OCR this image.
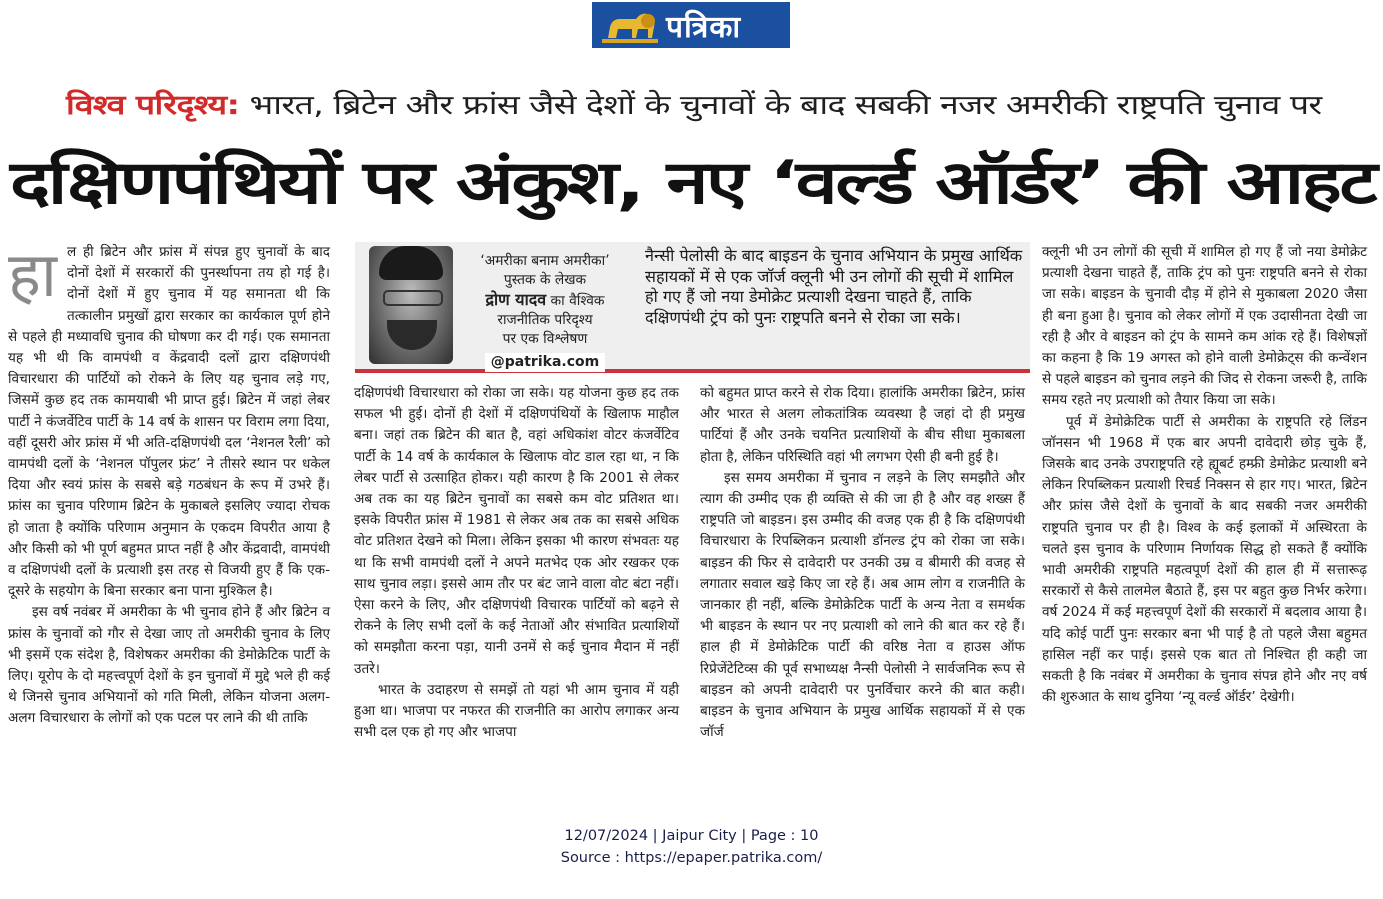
पत्रिका
विश्व परिदृश्य: भारत, ब्रिटेन और फ्रांस जैसे देशों के चुनावों के बाद सबकी नजर अमरीकी राष्ट्रपति चुनाव पर
दक्षिणपंथियों पर अंकुश, नए ‘वर्ल्ड ऑर्डर’ की आहट
हा ल ही ब्रिटेन और फ्रांस में संपन्न हुए चुनावों के बाद दोनों देशों में सरकारों की पुनर्स्थापना तय हो गई है। दोनों देशों में हुए चुनाव में यह समानता थी कि तत्कालीन प्रमुखों द्वारा सरकार का कार्यकाल पूर्ण होने से पहले ही मध्यावधि चुनाव की घोषणा कर दी गई। एक समानता यह भी थी कि वामपंथी व केंद्रवादी दलों द्वारा दक्षिणपंथी विचारधारा की पार्टियों को रोकने के लिए यह चुनाव लड़े गए, जिसमें कुछ हद तक कामयाबी भी प्राप्त हुई। ब्रिटेन में जहां लेबर पार्टी ने कंजर्वेटिव पार्टी के 14 वर्ष के शासन पर विराम लगा दिया, वहीं दूसरी ओर फ्रांस में भी अति-दक्षिणपंथी दल ‘नेशनल रैली’ को वामपंथी दलों के ‘नेशनल पॉपुलर फ्रंट’ ने तीसरे स्थान पर धकेल दिया और स्वयं फ्रांस के सबसे बड़े गठबंधन के रूप में उभरे हैं। फ्रांस का चुनाव परिणाम ब्रिटेन के मुकाबले इसलिए ज्यादा रोचक हो जाता है क्योंकि परिणाम अनुमान के एकदम विपरीत आया है और किसी को भी पूर्ण बहुमत प्राप्त नहीं है और केंद्रवादी, वामपंथी व दक्षिणपंथी दलों के प्रत्याशी इस तरह से विजयी हुए हैं कि एक-दूसरे के सहयोग के बिना सरकार बना पाना मुश्किल है।

इस वर्ष नवंबर में अमरीका के भी चुनाव होने हैं और ब्रिटेन व फ्रांस के चुनावों को गौर से देखा जाए तो अमरीकी चुनाव के लिए भी इसमें एक संदेश है, विशेषकर अमरीका की डेमोक्रेटिक पार्टी के लिए। यूरोप के दो महत्त्वपूर्ण देशों के इन चुनावों में मुद्दे भले ही कई थे जिनसे चुनाव अभियानों को गति मिली, लेकिन योजना अलग-अलग विचारधारा के लोगों को एक पटल पर लाने की थी ताकि

‘अमरीका बनाम अमरीका’
पुस्तक के लेखक
द्रोण यादव का वैश्विक
राजनीतिक परिदृश्य
पर एक विश्लेषण
@patrika.com
नैन्सी पेलोसी के बाद बाइडन के चुनाव अभियान के प्रमुख आर्थिक सहायकों में से एक जॉर्ज क्लूनी भी उन लोगों की सूची में शामिल हो गए हैं जो नया डेमोक्रेट प्रत्याशी देखना चाहते हैं, ताकि दक्षिणपंथी ट्रंप को पुनः राष्ट्रपति बनने से रोका जा सके।

दक्षिणपंथी विचारधारा को रोका जा सके। यह योजना कुछ हद तक सफल भी हुई। दोनों ही देशों में दक्षिणपंथियों के खिलाफ माहौल बना। जहां तक ब्रिटेन की बात है, वहां अधिकांश वोटर कंजर्वेटिव पार्टी के 14 वर्ष के कार्यकाल के खिलाफ वोट डाल रहा था, न कि लेबर पार्टी से उत्साहित होकर। यही कारण है कि 2001 से लेकर अब तक का यह ब्रिटेन चुनावों का सबसे कम वोट प्रतिशत था। इसके विपरीत फ्रांस में 1981 से लेकर अब तक का सबसे अधिक वोट प्रतिशत देखने को मिला। लेकिन इसका भी कारण संभवतः यह था कि सभी वामपंथी दलों ने अपने मतभेद एक ओर रखकर एक साथ चुनाव लड़ा। इससे आम तौर पर बंट जाने वाला वोट बंटा नहीं। ऐसा करने के लिए, और दक्षिणपंथी विचारक पार्टियों को बढ़ने से रोकने के लिए सभी दलों के कई नेताओं और संभावित प्रत्याशियों को समझौता करना पड़ा, यानी उनमें से कई चुनाव मैदान में नहीं उतरे।

भारत के उदाहरण से समझें तो यहां भी आम चुनाव में यही हुआ था। भाजपा पर नफरत की राजनीति का आरोप लगाकर अन्य सभी दल एक हो गए और भाजपा

को बहुमत प्राप्त करने से रोक दिया। हालांकि अमरीका ब्रिटेन, फ्रांस और भारत से अलग लोकतांत्रिक व्यवस्था है जहां दो ही प्रमुख पार्टियां हैं और उनके चयनित प्रत्याशियों के बीच सीधा मुकाबला होता है, लेकिन परिस्थिति वहां भी लगभग ऐसी ही बनी हुई है।

इस समय अमरीका में चुनाव न लड़ने के लिए समझौते और त्याग की उम्मीद एक ही व्यक्ति से की जा ही है और वह शख्स हैं राष्ट्रपति जो बाइडन। इस उम्मीद की वजह एक ही है कि दक्षिणपंथी विचारधारा के रिपब्लिकन प्रत्याशी डॉनल्ड ट्रंप को रोका जा सके। बाइडन की फिर से दावेदारी पर उनकी उम्र व बीमारी की वजह से लगातार सवाल खड़े किए जा रहे हैं। अब आम लोग व राजनीति के जानकार ही नहीं, बल्कि डेमोक्रेटिक पार्टी के अन्य नेता व समर्थक भी बाइडन के स्थान पर नए प्रत्याशी को लाने की बात कर रहे हैं। हाल ही में डेमोक्रेटिक पार्टी की वरिष्ठ नेता व हाउस ऑफ रिप्रेजेंटेटिव्स की पूर्व सभाध्यक्ष नैन्सी पेलोसी ने सार्वजनिक रूप से बाइडन को अपनी दावेदारी पर पुनर्विचार करने की बात कही। बाइडन के चुनाव अभियान के प्रमुख आर्थिक सहायकों में से एक जॉर्ज

क्लूनी भी उन लोगों की सूची में शामिल हो गए हैं जो नया डेमोक्रेट प्रत्याशी देखना चाहते हैं, ताकि ट्रंप को पुनः राष्ट्रपति बनने से रोका जा सके। बाइडन के चुनावी दौड़ में होने से मुकाबला 2020 जैसा ही बना हुआ है। चुनाव को लेकर लोगों में एक उदासीनता देखी जा रही है और वे बाइडन को ट्रंप के सामने कम आंक रहे हैं। विशेषज्ञों का कहना है कि 19 अगस्त को होने वाली डेमोक्रेट्स की कन्वेंशन से पहले बाइडन को चुनाव लड़ने की जिद से रोकना जरूरी है, ताकि समय रहते नए प्रत्याशी को तैयार किया जा सके।

पूर्व में डेमोक्रेटिक पार्टी से अमरीका के राष्ट्रपति रहे लिंडन जॉनसन भी 1968 में एक बार अपनी दावेदारी छोड़ चुके हैं, जिसके बाद उनके उपराष्ट्रपति रहे ह्यूबर्ट हम्फ्री डेमोक्रेट प्रत्याशी बने लेकिन रिपब्लिकन प्रत्याशी रिचर्ड निक्सन से हार गए। भारत, ब्रिटेन और फ्रांस जैसे देशों के चुनावों के बाद सबकी नजर अमरीकी राष्ट्रपति चुनाव पर ही है। विश्व के कई इलाकों में अस्थिरता के चलते इस चुनाव के परिणाम निर्णायक सिद्ध हो सकते हैं क्योंकि भावी अमरीकी राष्ट्रपति महत्वपूर्ण देशों की हाल ही में सत्तारूढ़ सरकारों से कैसे तालमेल बैठाते हैं, इस पर बहुत कुछ निर्भर करेगा। वर्ष 2024 में कई महत्त्वपूर्ण देशों की सरकारों में बदलाव आया है। यदि कोई पार्टी पुनः सरकार बना भी पाई है तो पहले जैसा बहुमत हासिल नहीं कर पाई। इससे एक बात तो निश्चित ही कही जा सकती है कि नवंबर में अमरीका के चुनाव संपन्न होने और नए वर्ष की शुरुआत के साथ दुनिया ‘न्यू वर्ल्ड ऑर्डर’ देखेगी।

12/07/2024 | Jaipur City | Page : 10
Source : https://epaper.patrika.com/
